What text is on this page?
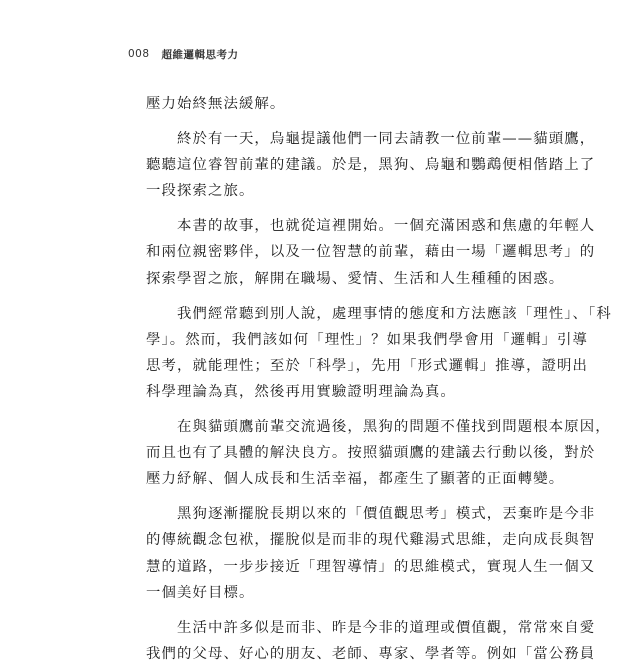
008 超維邏輯思考力

壓力始終無法緩解。

　　終於有一天，烏龜提議他們一同去請教一位前輩——貓頭鷹，

聽聽這位睿智前輩的建議。於是，黑狗、烏龜和鸚鵡便相偕踏上了

一段探索之旅。

　　本書的故事，也就從這裡開始。一個充滿困惑和焦慮的年輕人

和兩位親密夥伴，以及一位智慧的前輩，藉由一場「邏輯思考」的

探索學習之旅，解開在職場、愛情、生活和人生種種的困惑。

　　我們經常聽到別人說，處理事情的態度和方法應該「理性」、「科

學」。然而，我們該如何「理性」？如果我們學會用「邏輯」引導

思考，就能理性；至於「科學」，先用「形式邏輯」推導，證明出

科學理論為真，然後再用實驗證明理論為真。

　　在與貓頭鷹前輩交流過後，黑狗的問題不僅找到問題根本原因，

而且也有了具體的解決良方。按照貓頭鷹的建議去行動以後，對於

壓力紓解、個人成長和生活幸福，都產生了顯著的正面轉變。

　　黑狗逐漸擺脫長期以來的「價值觀思考」模式，丟棄昨是今非

的傳統觀念包袱，擺脫似是而非的現代雞湯式思維，走向成長與智

慧的道路，一步步接近「理智導情」的思維模式，實現人生一個又

一個美好目標。

　　生活中許多似是而非、昨是今非的道理或價值觀，常常來自愛

我們的父母、好心的朋友、老師、專家、學者等。例如「當公務員
